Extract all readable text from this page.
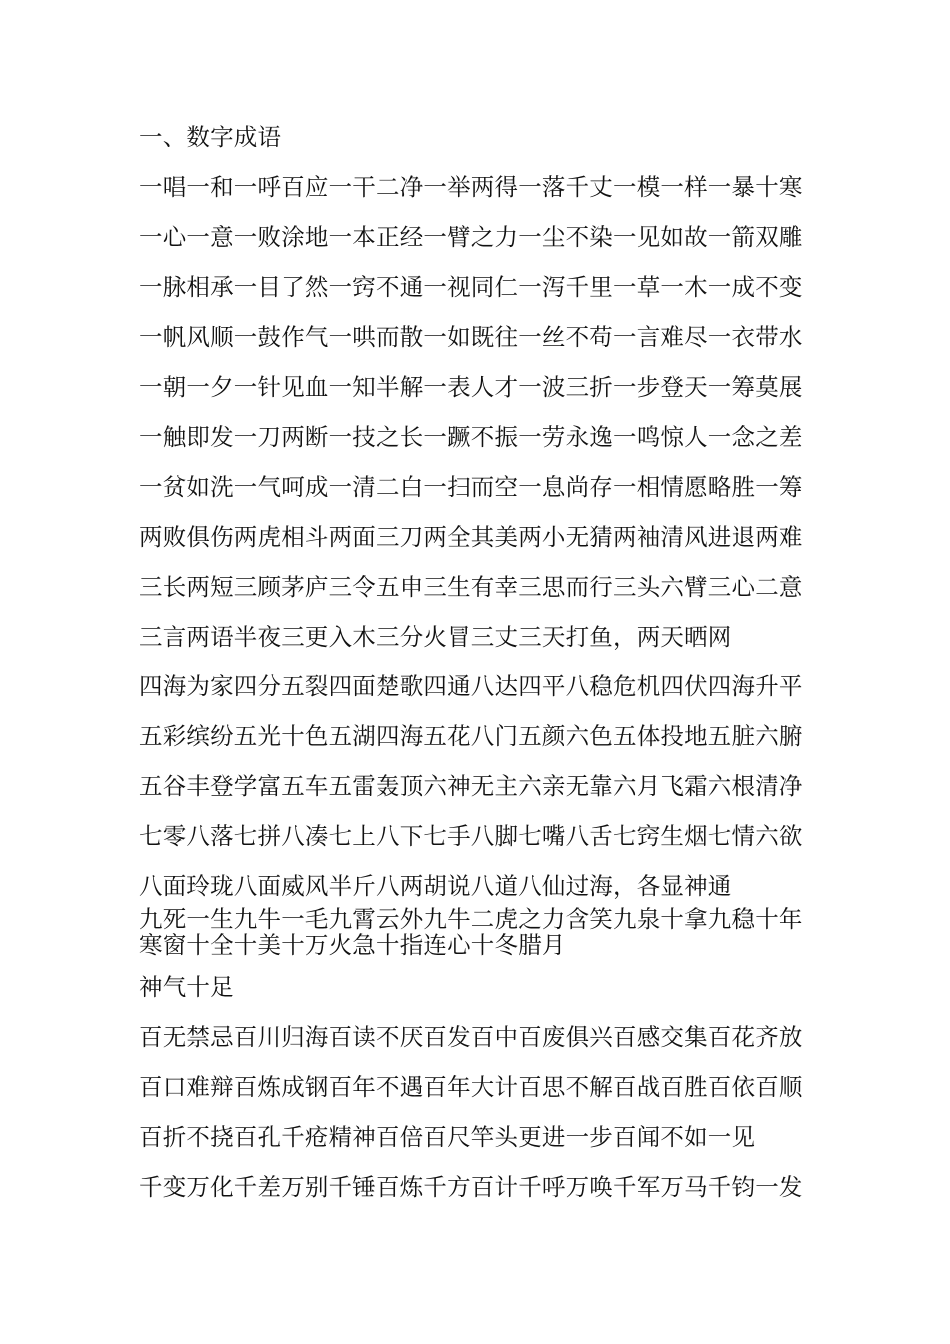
一、数字成语
一唱一和一呼百应一干二净一举两得一落千丈一模一样一暴十寒
一心一意一败涂地一本正经一臂之力一尘不染一见如故一箭双雕
一脉相承一目了然一窍不通一视同仁一泻千里一草一木一成不变
一帆风顺一鼓作气一哄而散一如既往一丝不苟一言难尽一衣带水
一朝一夕一针见血一知半解一表人才一波三折一步登天一筹莫展
一触即发一刀两断一技之长一蹶不振一劳永逸一鸣惊人一念之差
一贫如洗一气呵成一清二白一扫而空一息尚存一相情愿略胜一筹
两败俱伤两虎相斗两面三刀两全其美两小无猜两袖清风进退两难
三长两短三顾茅庐三令五申三生有幸三思而行三头六臂三心二意
三言两语半夜三更入木三分火冒三丈三天打鱼，两天晒网
四海为家四分五裂四面楚歌四通八达四平八稳危机四伏四海升平
五彩缤纷五光十色五湖四海五花八门五颜六色五体投地五脏六腑
五谷丰登学富五车五雷轰顶六神无主六亲无靠六月飞霜六根清净
七零八落七拼八凑七上八下七手八脚七嘴八舌七窍生烟七情六欲
八面玲珑八面威风半斤八两胡说八道八仙过海，各显神通
九死一生九牛一毛九霄云外九牛二虎之力含笑九泉十拿九稳十年
寒窗十全十美十万火急十指连心十冬腊月
神气十足
百无禁忌百川归海百读不厌百发百中百废俱兴百感交集百花齐放
百口难辩百炼成钢百年不遇百年大计百思不解百战百胜百依百顺
百折不挠百孔千疮精神百倍百尺竿头更进一步百闻不如一见
千变万化千差万别千锤百炼千方百计千呼万唤千军万马千钧一发
